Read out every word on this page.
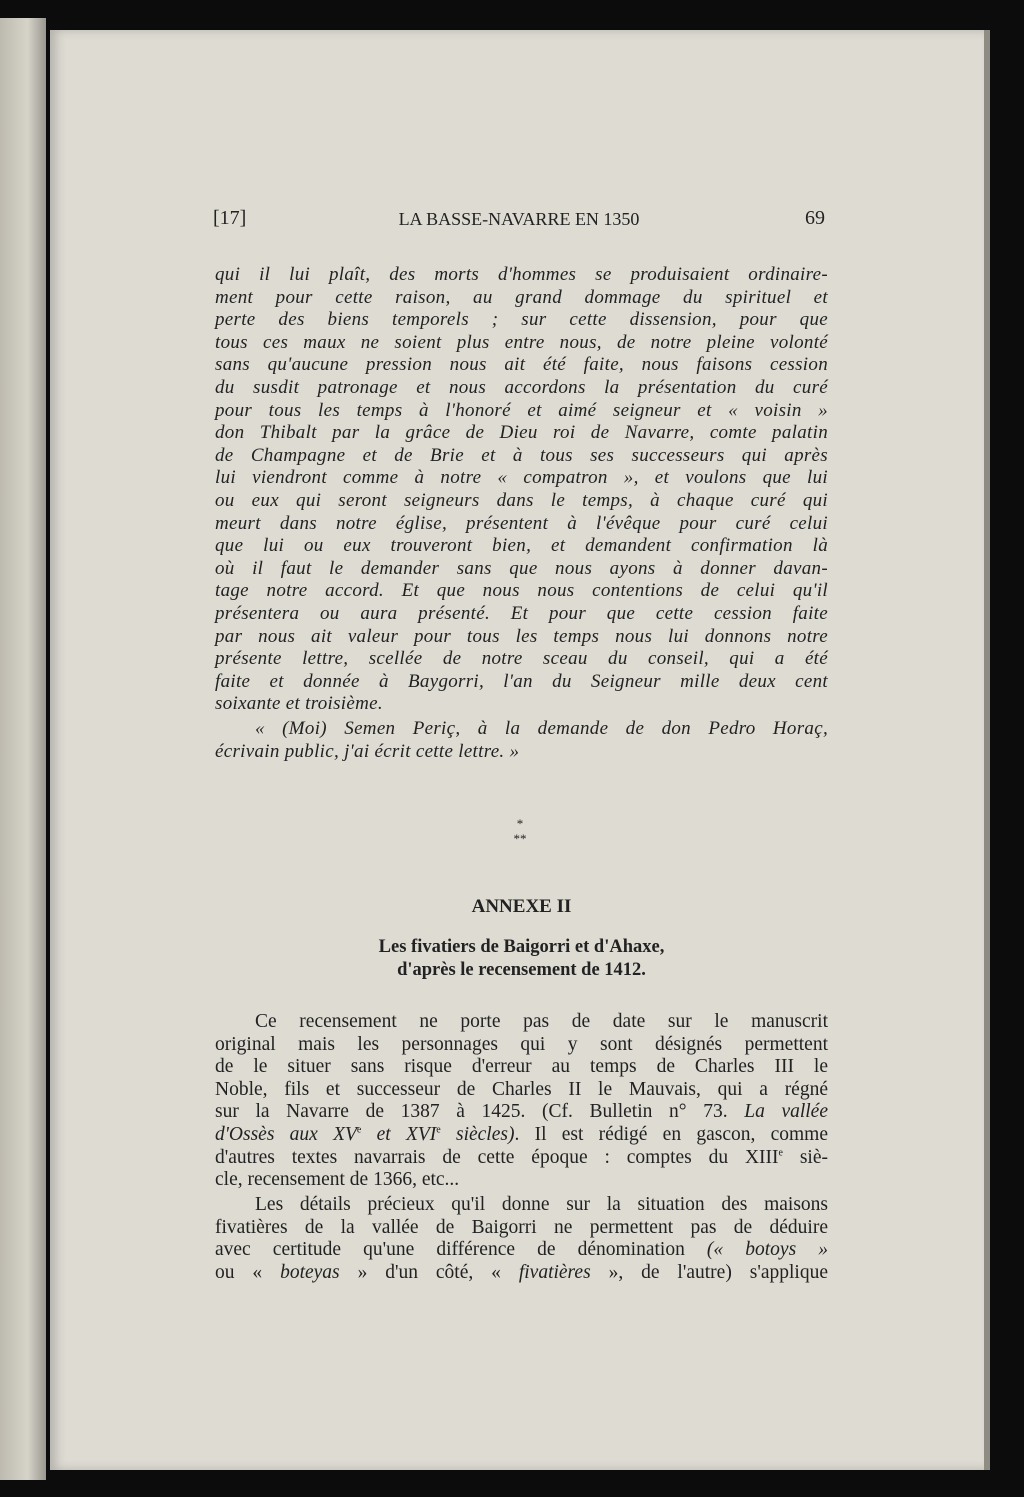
[17]	LA BASSE-NAVARRE EN 1350	69
qui il lui plaît, des morts d'hommes se produisaient ordinaire-
ment pour cette raison, au grand dommage du spirituel et
perte des biens temporels ; sur cette dissension, pour que
tous ces maux ne soient plus entre nous, de notre pleine volonté
sans qu'aucune pression nous ait été faite, nous faisons cession
du susdit patronage et nous accordons la présentation du curé
pour tous les temps à l'honoré et aimé seigneur et « voisin »
don Thibalt par la grâce de Dieu roi de Navarre, comte palatin
de Champagne et de Brie et à tous ses successeurs qui après
lui viendront comme à notre « compatron », et voulons que lui
ou eux qui seront seigneurs dans le temps, à chaque curé qui
meurt dans notre église, présentent à l'évêque pour curé celui
que lui ou eux trouveront bien, et demandent confirmation là
où il faut le demander sans que nous ayons à donner davan-
tage notre accord. Et que nous nous contentions de celui qu'il
présentera ou aura présenté. Et pour que cette cession faite
par nous ait valeur pour tous les temps nous lui donnons notre
présente lettre, scellée de notre sceau du conseil, qui a été
faite et donnée à Baygorri, l'an du Seigneur mille deux cent
soixante et troisième.
« (Moi) Semen Periç, à la demande de don Pedro Horaç,
écrivain public, j'ai écrit cette lettre. »
*
**
ANNEXE II
Les fivatiers de Baigorri et d'Ahaxe,
d'après le recensement de 1412.
Ce recensement ne porte pas de date sur le manuscrit
original mais les personnages qui y sont désignés permettent
de le situer sans risque d'erreur au temps de Charles III le
Noble, fils et successeur de Charles II le Mauvais, qui a régné
sur la Navarre de 1387 à 1425. (Cf. Bulletin n° 73. La vallée
d'Ossès aux XVe et XVIe siècles). Il est rédigé en gascon, comme
d'autres textes navarrais de cette époque : comptes du XIIIe siè-
cle, recensement de 1366, etc...
Les détails précieux qu'il donne sur la situation des maisons
fivatières de la vallée de Baigorri ne permettent pas de déduire
avec certitude qu'une différence de dénomination (« botoys »
ou « boteyas » d'un côté, « fivatières », de l'autre) s'applique
